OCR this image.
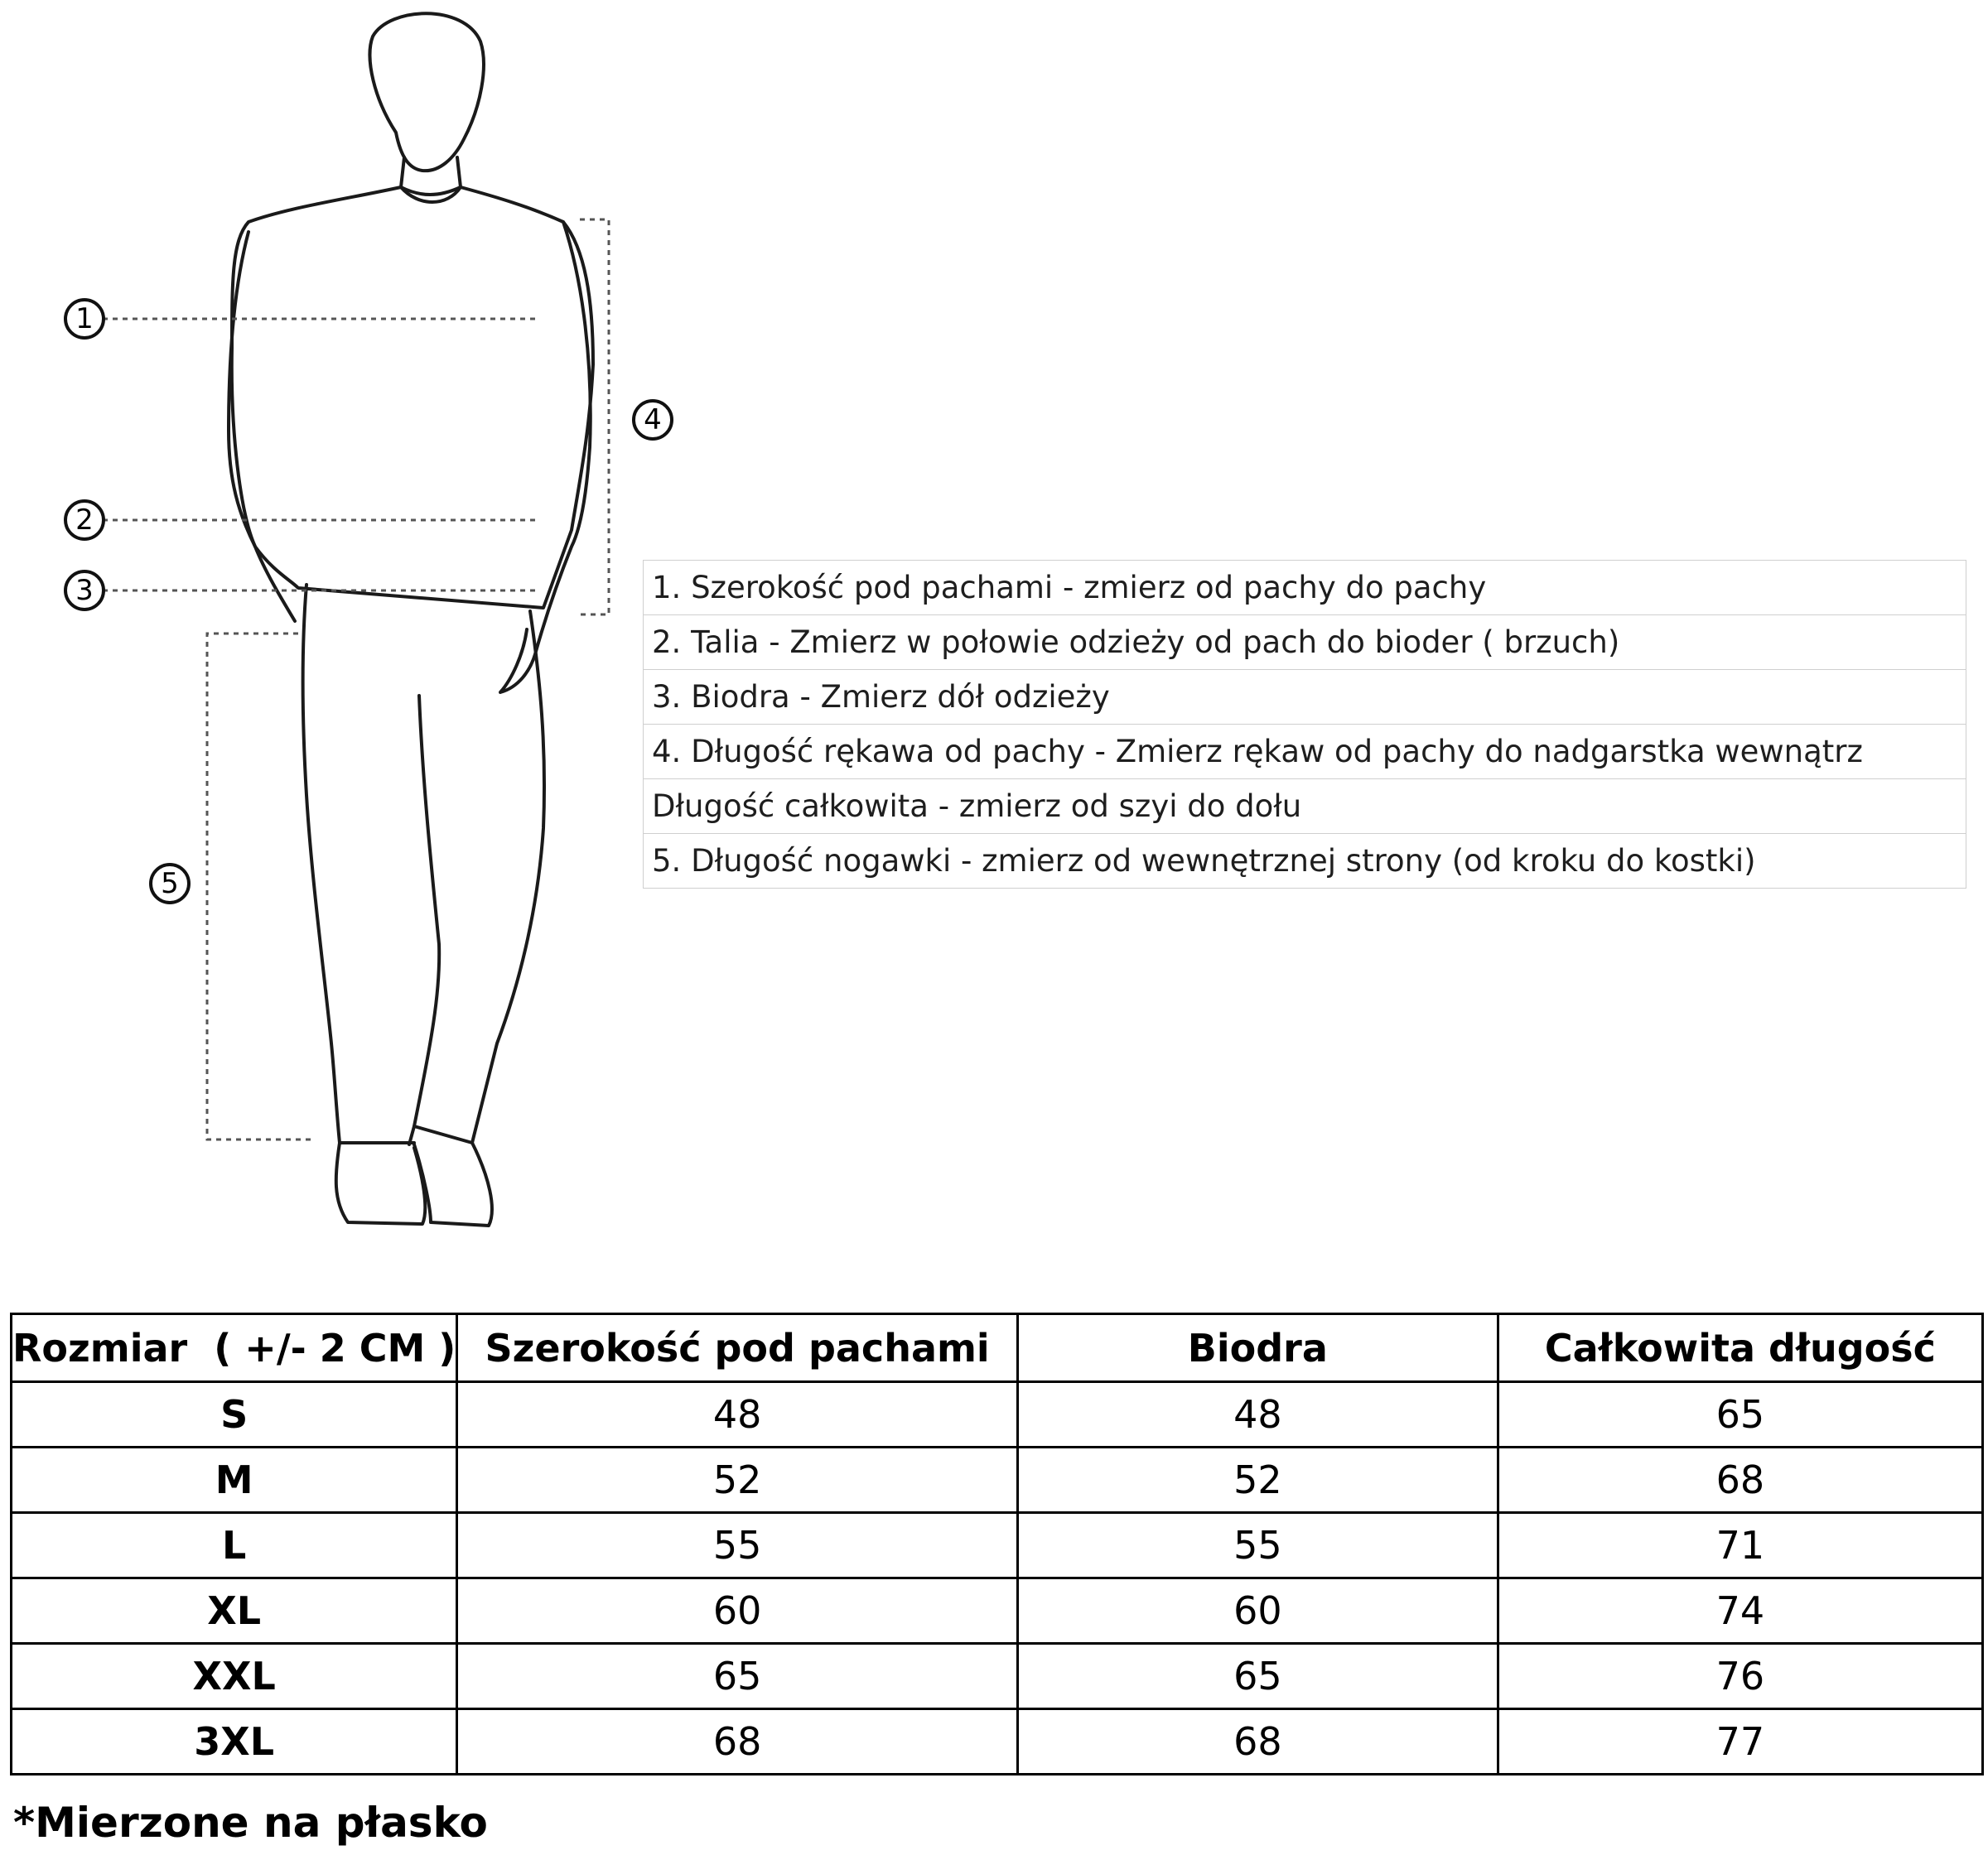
1
2
3
4
5
1. Szerokość pod pachami - zmierz od pachy do pachy
2. Talia - Zmierz w połowie odzieży od pach do bioder ( brzuch)
3. Biodra - Zmierz dół odzieży
4. Długość rękawa od pachy - Zmierz rękaw od pachy do nadgarstka wewnątrz
Długość całkowita - zmierz od szyi do dołu
5. Długość nogawki - zmierz od wewnętrznej strony (od kroku do kostki)
Rozmiar  ( +/- 2 CM )	Szerokość pod pachami	Biodra	Całkowita długość
S	48	48	65
M	52	52	68
L	55	55	71
XL	60	60	74
XXL	65	65	76
3XL	68	68	77
*Mierzone na płasko
